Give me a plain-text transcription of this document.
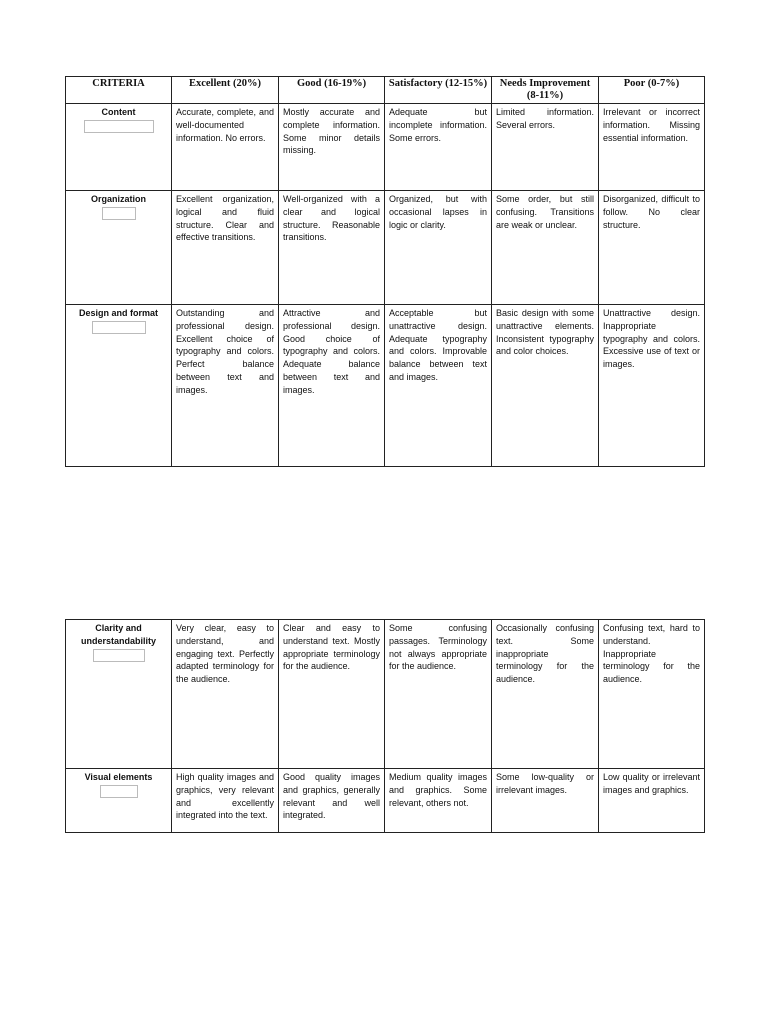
CRITERIA	Excellent (20%)	Good (16-19%)	Satisfactory (12-15%)	Needs Improvement (8-11%)	Poor (0-7%)
Content	Accurate, complete, and well-documented information. No errors.	Mostly accurate and complete information. Some minor details missing.	Adequate but incomplete information. Some errors.	Limited information. Several errors.	Irrelevant or incorrect information. Missing essential information.
Organization	Excellent organization, logical and fluid structure. Clear and effective transitions.	Well-organized with a clear and logical structure. Reasonable transitions.	Organized, but with occasional lapses in logic or clarity.	Some order, but still confusing. Transitions are weak or unclear.	Disorganized, difficult to follow. No clear structure.
Design and format	Outstanding and professional design. Excellent choice of typography and colors. Perfect balance between text and images.	Attractive and professional design. Good choice of typography and colors. Adequate balance between text and images.	Acceptable but unattractive design. Adequate typography and colors. Improvable balance between text and images.	Basic design with some unattractive elements. Inconsistent typography and color choices.	Unattractive design. Inappropriate typography and colors. Excessive use of text or images.
Clarity and understandability	Very clear, easy to understand, and engaging text. Perfectly adapted terminology for the audience.	Clear and easy to understand text. Mostly appropriate terminology for the audience.	Some confusing passages. Terminology not always appropriate for the audience.	Occasionally confusing text. Some inappropriate terminology for the audience.	Confusing text, hard to understand. Inappropriate terminology for the audience.
Visual elements	High quality images and graphics, very relevant and excellently integrated into the text.	Good quality images and graphics, generally relevant and well integrated.	Medium quality images and graphics. Some relevant, others not.	Some low-quality or irrelevant images.	Low quality or irrelevant images and graphics.
